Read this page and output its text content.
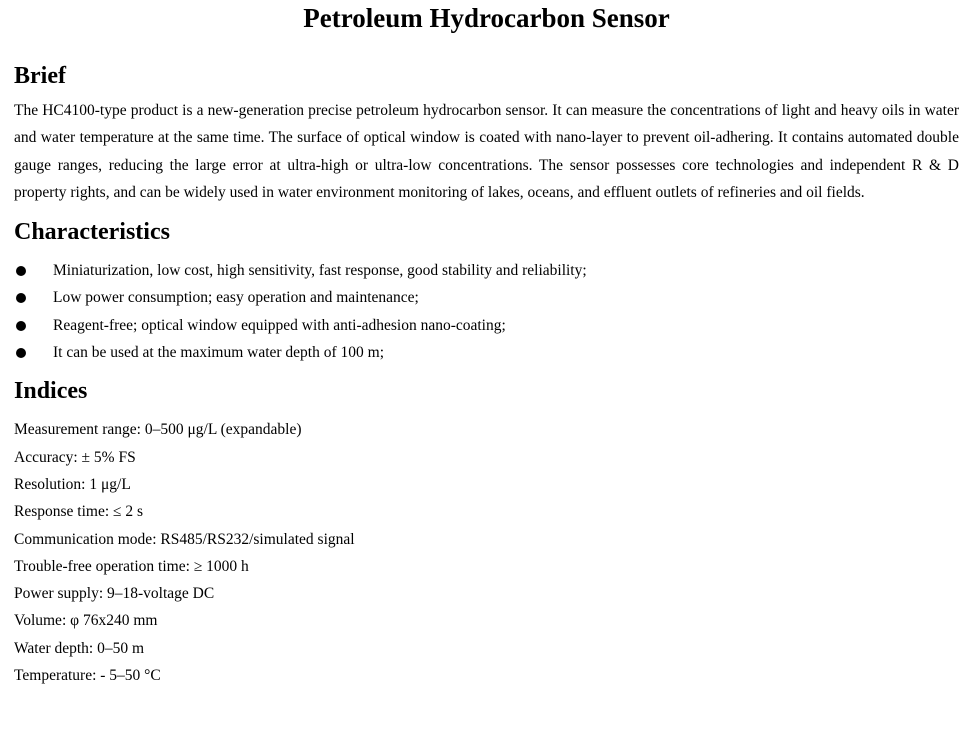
Petroleum Hydrocarbon Sensor
Brief

The HC4100-type product is a new-generation precise petroleum hydrocarbon sensor. It can measure the concentrations of light and heavy oils in water and water temperature at the same time. The surface of optical window is coated with nano-layer to prevent oil-adhering. It contains automated double gauge ranges, reducing the large error at ultra-high or ultra-low concentrations. The sensor possesses core technologies and independent R & D property rights, and can be widely used in water environment monitoring of lakes, oceans, and effluent outlets of refineries and oil fields.

Characteristics
Miniaturization, low cost, high sensitivity, fast response, good stability and reliability;
Low power consumption; easy operation and maintenance;
Reagent-free; optical window equipped with anti-adhesion nano-coating;
It can be used at the maximum water depth of 100 m;
Indices
Measurement range: 0–500 μg/L (expandable)
Accuracy: ± 5% FS
Resolution: 1 μg/L
Response time: ≤ 2 s
Communication mode: RS485/RS232/simulated signal
Trouble-free operation time: ≥ 1000 h
Power supply: 9–18-voltage DC
Volume: φ 76x240 mm
Water depth: 0–50 m
Temperature: - 5–50 °C
